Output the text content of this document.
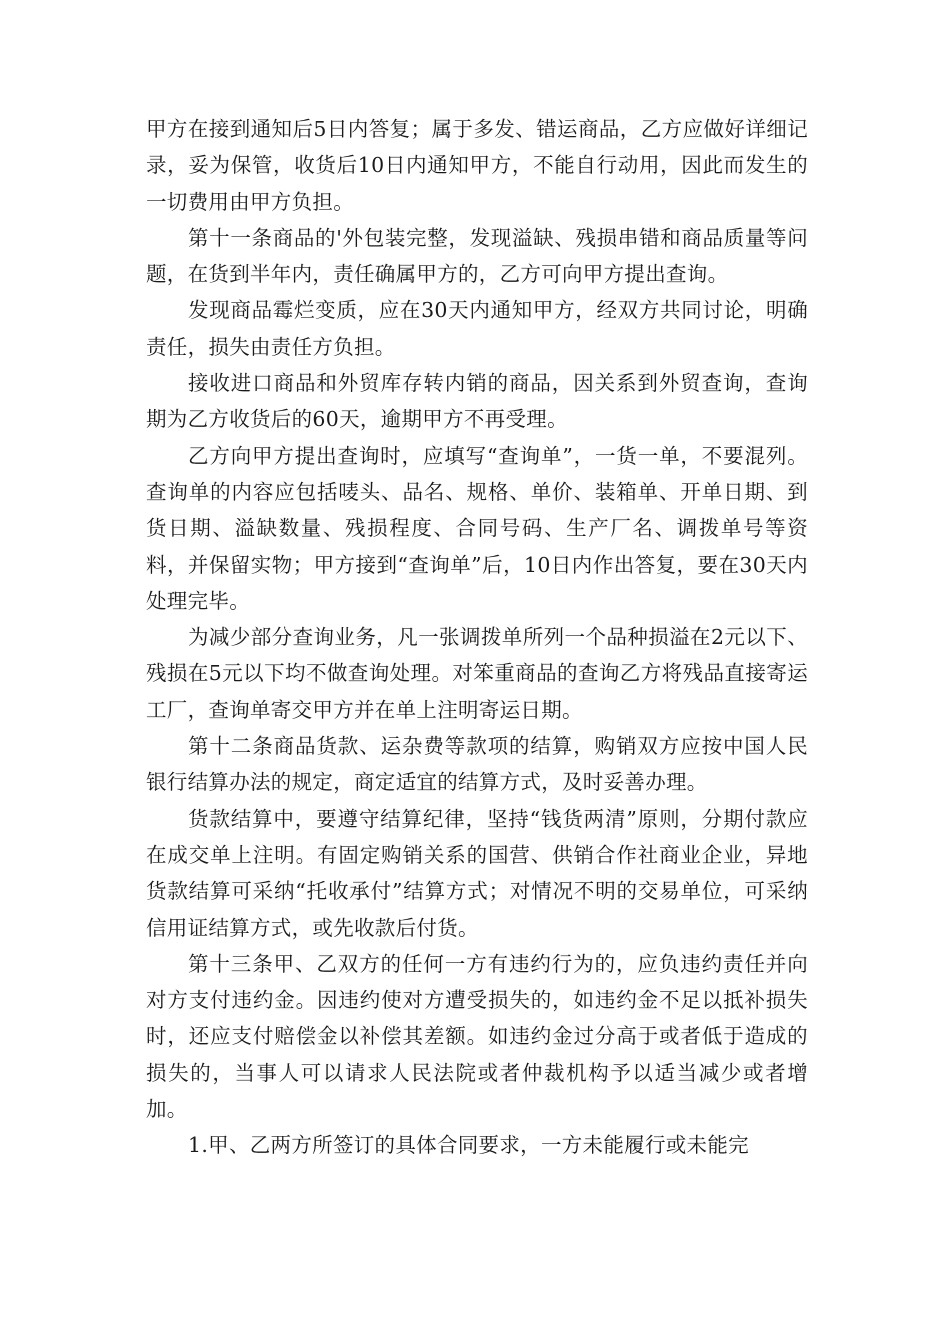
甲方在接到通知后5日内答复；属于多发、错运商品，乙方应做好详细记录，妥为保管，收货后10日内通知甲方，不能自行动用，因此而发生的一切费用由甲方负担。

第十一条商品的'外包装完整，发现溢缺、残损串错和商品质量等问题，在货到半年内，责任确属甲方的，乙方可向甲方提出查询。

发现商品霉烂变质，应在30天内通知甲方，经双方共同讨论，明确责任，损失由责任方负担。

接收进口商品和外贸库存转内销的商品，因关系到外贸查询，查询期为乙方收货后的60天，逾期甲方不再受理。

乙方向甲方提出查询时，应填写“查询单”，一货一单，不要混列。查询单的内容应包括唛头、品名、规格、单价、装箱单、开单日期、到货日期、溢缺数量、残损程度、合同号码、生产厂名、调拨单号等资料，并保留实物；甲方接到“查询单”后，10日内作出答复，要在30天内处理完毕。

为减少部分查询业务，凡一张调拨单所列一个品种损溢在2元以下、残损在5元以下均不做查询处理。对笨重商品的查询乙方将残品直接寄运工厂，查询单寄交甲方并在单上注明寄运日期。

第十二条商品货款、运杂费等款项的结算，购销双方应按中国人民银行结算办法的规定，商定适宜的结算方式，及时妥善办理。

货款结算中，要遵守结算纪律，坚持“钱货两清”原则，分期付款应在成交单上注明。有固定购销关系的国营、供销合作社商业企业，异地货款结算可采纳“托收承付”结算方式；对情况不明的交易单位，可采纳信用证结算方式，或先收款后付货。

第十三条甲、乙双方的任何一方有违约行为的，应负违约责任并向对方支付违约金。因违约使对方遭受损失的，如违约金不足以抵补损失时，还应支付赔偿金以补偿其差额。如违约金过分高于或者低于造成的损失的，当事人可以请求人民法院或者仲裁机构予以适当减少或者增加。

1.甲、乙两方所签订的具体合同要求，一方未能履行或未能完
